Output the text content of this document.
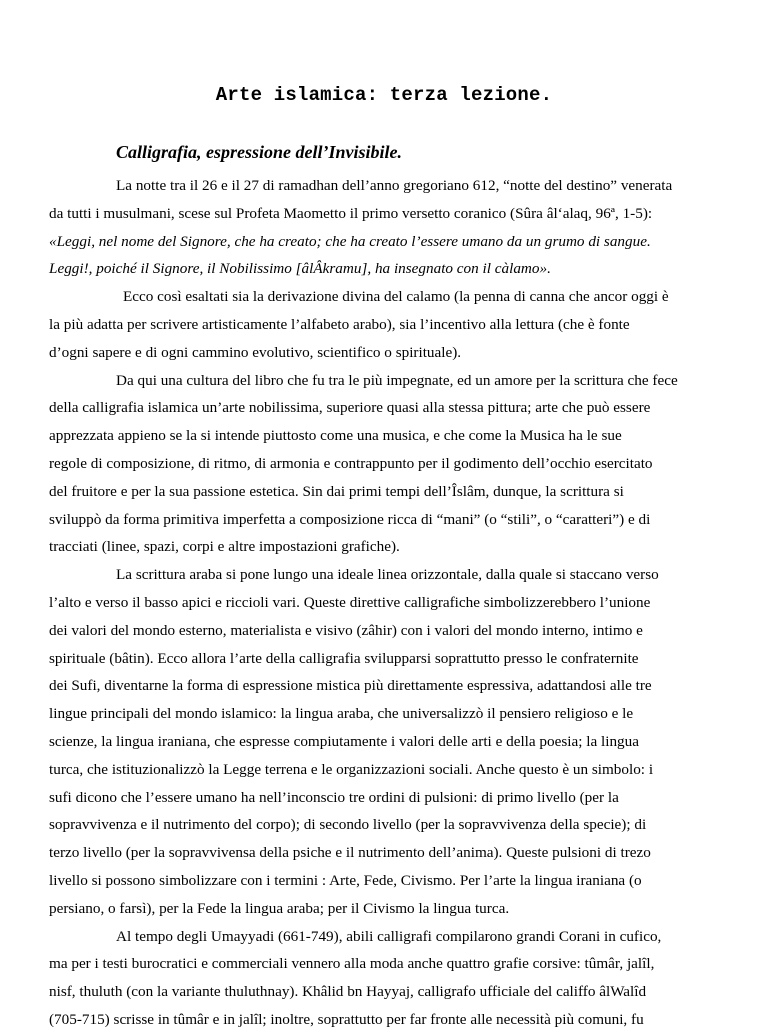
Arte islamica: terza lezione.
Calligrafia, espressione dell’Invisibile.

La notte tra il 26 e il 27 di ramadhan dell’anno gregoriano 612, “notte del destino” venerata
da tutti i musulmani, scese sul Profeta Maometto il primo versetto coranico (Sûra âl‘alaq, 96ª, 1-5):
«Leggi, nel nome del Signore, che ha creato; che ha creato l’essere umano da un grumo di sangue.
Leggi!, poiché il Signore, il Nobilissimo [âlÂkramu], ha insegnato con il càlamo».

Ecco così esaltati sia la derivazione divina del calamo (la penna di canna che ancor oggi è
la più adatta per scrivere artisticamente l’alfabeto arabo), sia l’incentivo alla lettura (che è fonte
d’ogni sapere e di ogni cammino evolutivo, scientifico o spirituale).

Da qui una cultura del libro che fu tra le più impegnate, ed un amore per la scrittura che fece
della calligrafia islamica un’arte nobilissima, superiore quasi alla stessa pittura; arte che può essere
apprezzata appieno se la si intende piuttosto come una musica, e che come la Musica ha le sue
regole di composizione, di ritmo, di armonia e contrappunto per il godimento dell’occhio esercitato
del fruitore e per la sua passione estetica. Sin dai primi tempi dell’Îslâm, dunque, la scrittura si
sviluppò da forma primitiva imperfetta a composizione ricca di “mani” (o “stili”, o “caratteri”) e di
tracciati (linee, spazi, corpi e altre impostazioni grafiche).

La scrittura araba si pone lungo una ideale linea orizzontale, dalla quale si staccano verso
l’alto e verso il basso apici e riccioli vari. Queste direttive calligrafiche simbolizzerebbero l’unione
dei valori del mondo esterno, materialista e visivo (zâhir) con i valori del mondo interno, intimo e
spirituale (bâtin). Ecco allora l’arte della calligrafia svilupparsi soprattutto presso le confraternite
dei Sufi, diventarne la forma di espressione mistica più direttamente espressiva, adattandosi alle tre
lingue principali del mondo islamico: la lingua araba, che universalizzò il pensiero religioso e le
scienze, la lingua iraniana, che espresse compiutamente i valori delle arti e della poesia; la lingua
turca, che istituzionalizzò la Legge terrena e le organizzazioni sociali. Anche questo è un simbolo: i
sufi dicono che l’essere umano ha nell’inconscio tre ordini di pulsioni: di primo livello (per la
sopravvivenza e il nutrimento del corpo); di secondo livello (per la sopravvivenza della specie); di
terzo livello (per la sopravvivensa della psiche e il nutrimento dell’anima). Queste pulsioni di trezo
livello si possono simbolizzare con i termini : Arte, Fede, Civismo. Per l’arte la lingua iraniana (o
persiano, o farsì), per la Fede la lingua araba; per il Civismo la lingua turca.

Al tempo degli Umayyadi (661-749), abili calligrafi compilarono grandi Corani in cufico,
ma per i testi burocratici e commerciali vennero alla moda anche quattro grafie corsive: tûmâr, jalîl,
nisf, thuluth (con la variante thuluthnay). Khâlid bn Hayyaj, calligrafo ufficiale del califfo âlWalîd
(705-715) scrisse in tûmâr e in jalîl; inoltre, soprattutto per far fronte alle necessità più comuni, fu
